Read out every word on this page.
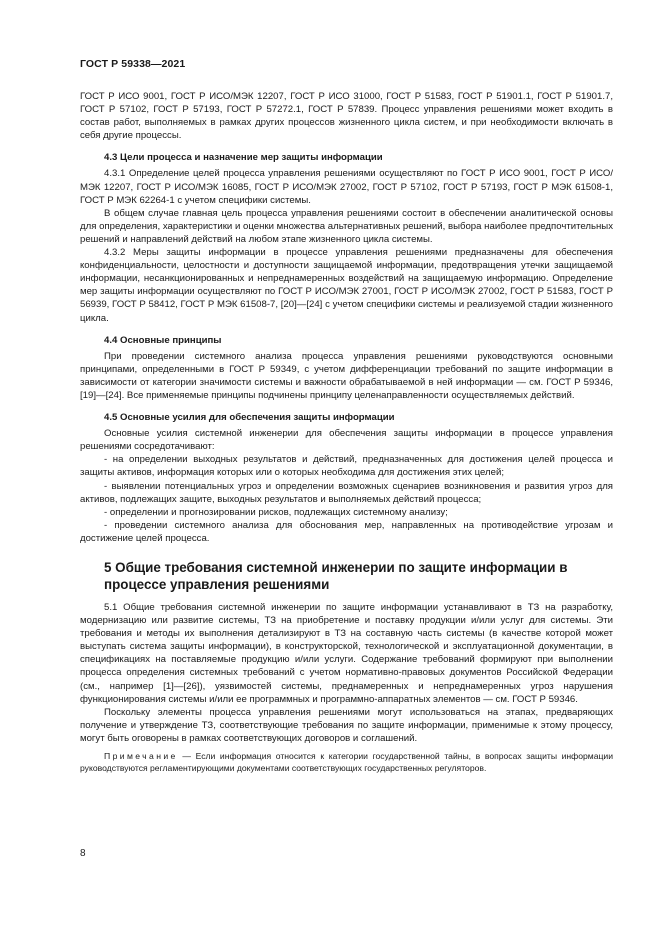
ГОСТ Р 59338—2021

ГОСТ Р ИСО 9001, ГОСТ Р ИСО/МЭК 12207, ГОСТ Р ИСО 31000, ГОСТ Р 51583, ГОСТ Р 51901.1, ГОСТ Р 51901.7, ГОСТ Р 57102, ГОСТ Р 57193, ГОСТ Р 57272.1, ГОСТ Р 57839. Процесс управления решениями может входить в состав работ, выполняемых в рамках других процессов жизненного цикла систем, и при необходимости включать в себя другие процессы.

4.3 Цели процесса и назначение мер защиты информации

4.3.1 Определение целей процесса управления решениями осуществляют по ГОСТ Р ИСО 9001, ГОСТ Р ИСО/МЭК 12207, ГОСТ Р ИСО/МЭК 16085, ГОСТ Р ИСО/МЭК 27002, ГОСТ Р 57102, ГОСТ Р 57193, ГОСТ Р МЭК 61508-1, ГОСТ Р МЭК 62264-1 с учетом специфики системы.

В общем случае главная цель процесса управления решениями состоит в обеспечении аналитической основы для определения, характеристики и оценки множества альтернативных решений, выбора наиболее предпочтительных решений и направлений действий на любом этапе жизненного цикла системы.

4.3.2 Меры защиты информации в процессе управления решениями предназначены для обеспечения конфиденциальности, целостности и доступности защищаемой информации, предотвращения утечки защищаемой информации, несанкционированных и непреднамеренных воздействий на защищаемую информацию. Определение мер защиты информации осуществляют по ГОСТ Р ИСО/МЭК 27001, ГОСТ Р ИСО/МЭК 27002, ГОСТ Р 51583, ГОСТ Р 56939, ГОСТ Р 58412, ГОСТ Р МЭК 61508-7, [20]—[24] с учетом специфики системы и реализуемой стадии жизненного цикла.

4.4 Основные принципы

При проведении системного анализа процесса управления решениями руководствуются основными принципами, определенными в ГОСТ Р 59349, с учетом дифференциации требований по защите информации в зависимости от категории значимости системы и важности обрабатываемой в ней информации — см. ГОСТ Р 59346, [19]—[24]. Все применяемые принципы подчинены принципу целенаправленности осуществляемых действий.

4.5 Основные усилия для обеспечения защиты информации

Основные усилия системной инженерии для обеспечения защиты информации в процессе управления решениями сосредотачивают:

- на определении выходных результатов и действий, предназначенных для достижения целей процесса и защиты активов, информация которых или о которых необходима для достижения этих целей;

- выявлении потенциальных угроз и определении возможных сценариев возникновения и развития угроз для активов, подлежащих защите, выходных результатов и выполняемых действий процесса;

- определении и прогнозировании рисков, подлежащих системному анализу;

- проведении системного анализа для обоснования мер, направленных на противодействие угрозам и достижение целей процесса.

5 Общие требования системной инженерии по защите информации в процессе управления решениями

5.1 Общие требования системной инженерии по защите информации устанавливают в ТЗ на разработку, модернизацию или развитие системы, ТЗ на приобретение и поставку продукции и/или услуг для системы. Эти требования и методы их выполнения детализируют в ТЗ на составную часть системы (в качестве которой может выступать система защиты информации), в конструкторской, технологической и эксплуатационной документации, в спецификациях на поставляемые продукцию и/или услуги. Содержание требований формируют при выполнении процесса определения системных требований с учетом нормативно-правовых документов Российской Федерации (см., например [1]—[26]), уязвимостей системы, преднамеренных и непреднамеренных угроз нарушения функционирования системы и/или ее программных и программно-аппаратных элементов — см. ГОСТ Р 59346.

Поскольку элементы процесса управления решениями могут использоваться на этапах, предваряющих получение и утверждение ТЗ, соответствующие требования по защите информации, применимые к этому процессу, могут быть оговорены в рамках соответствующих договоров и соглашений.

Примечание — Если информация относится к категории государственной тайны, в вопросах защиты информации руководствуются регламентирующими документами соответствующих государственных регуляторов.

8
